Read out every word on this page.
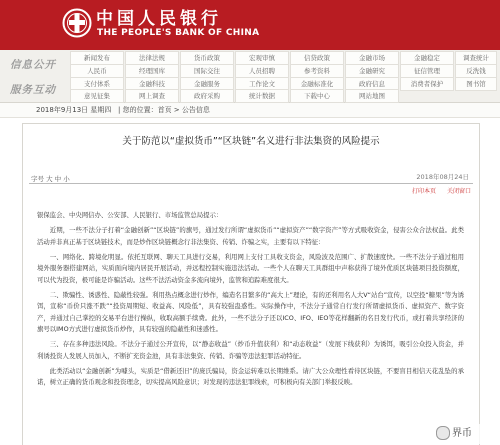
中国人民银行
THE PEOPLE'S BANK OF CHINA
信息公开
服务互动
新闻发布	法律法规	货币政策	宏观审慎	信贷政策	金融市场	金融稳定	调查统计
人民币	经理国库	国际交往	人员招聘	参考资料	金融研究	征信管理	反洗钱
支付体系	金融科技	金融服务	工作论文	金融标准化	政府信息	消费者保护	图书馆
意见征集	网上调查	政府采购	统计数据	下载中心	网站地图
2018年9月13日 星期四 | 您的位置：首页 > 公告信息
关于防范以“虚拟货币”“区块链”名义进行非法集资的风险提示
字号 大 中 小	2018年08月24日
打印本页 关闭窗口

银保监会、中央网信办、公安部、人民银行、市场监管总局提示：

近期，一些不法分子打着“金融创新”“区块链”的旗号，通过发行所谓“虚拟货币”“虚拟资产”“数字资产”等方式吸收资金，侵害公众合法权益。此类活动并非真正基于区块链技术，而是炒作区块链概念行非法集资、传销、诈骗之实，主要有以下特征：

一、网络化、跨境化明显。依托互联网、聊天工具进行交易，利用网上支付工具收支资金，风险波及范围广、扩散速度快。一些不法分子通过租用境外服务器搭建网站，实质面向境内居民开展活动，并远程控制实施违法活动。一些个人在聊天工具群组中声称获得了境外优质区块链项目投资额度，可以代为投资，极可能是诈骗活动。这些不法活动资金多流向境外，监管和追踪难度很大。

二、欺骗性、诱惑性、隐蔽性较强。利用热点概念进行炒作，编造名目繁多的“高大上”理论，有的还利用名人大V“站台”宣传，以空投“糖果”等为诱饵，宣称“币价只涨不跌”“投资周期短、收益高、风险低”，具有较强蛊惑性。实际操作中，不法分子通常自行发行所谓虚拟货币、虚拟资产、数字资产，并通过自己掌控的交易平台进行操纵，收取高额手续费。此外，一些不法分子还以ICO、IFO、IEO等花样翻新的名目发行代币，或打着共享经济的旗号以IMO方式进行虚拟货币炒作，具有较强的隐蔽性和迷惑性。

三、存在多种违法风险。不法分子通过公开宣传，以“静态收益”（炒币升值获利）和“动态收益”（发展下线获利）为诱饵，吸引公众投入资金，并利诱投资人发展人员加入，不断扩充资金池，具有非法集资、传销、诈骗等违法犯罪活动特征。

此类活动以“金融创新”为噱头，实质是“借新还旧”的庞氏骗局，资金运转难以长期维系。请广大公众理性看待区块链，不要盲目相信天花乱坠的承诺，树立正确的货币观念和投资理念，切实提高风险意识；对发现的违法犯罪线索，可积极向有关部门举报反映。

界币
